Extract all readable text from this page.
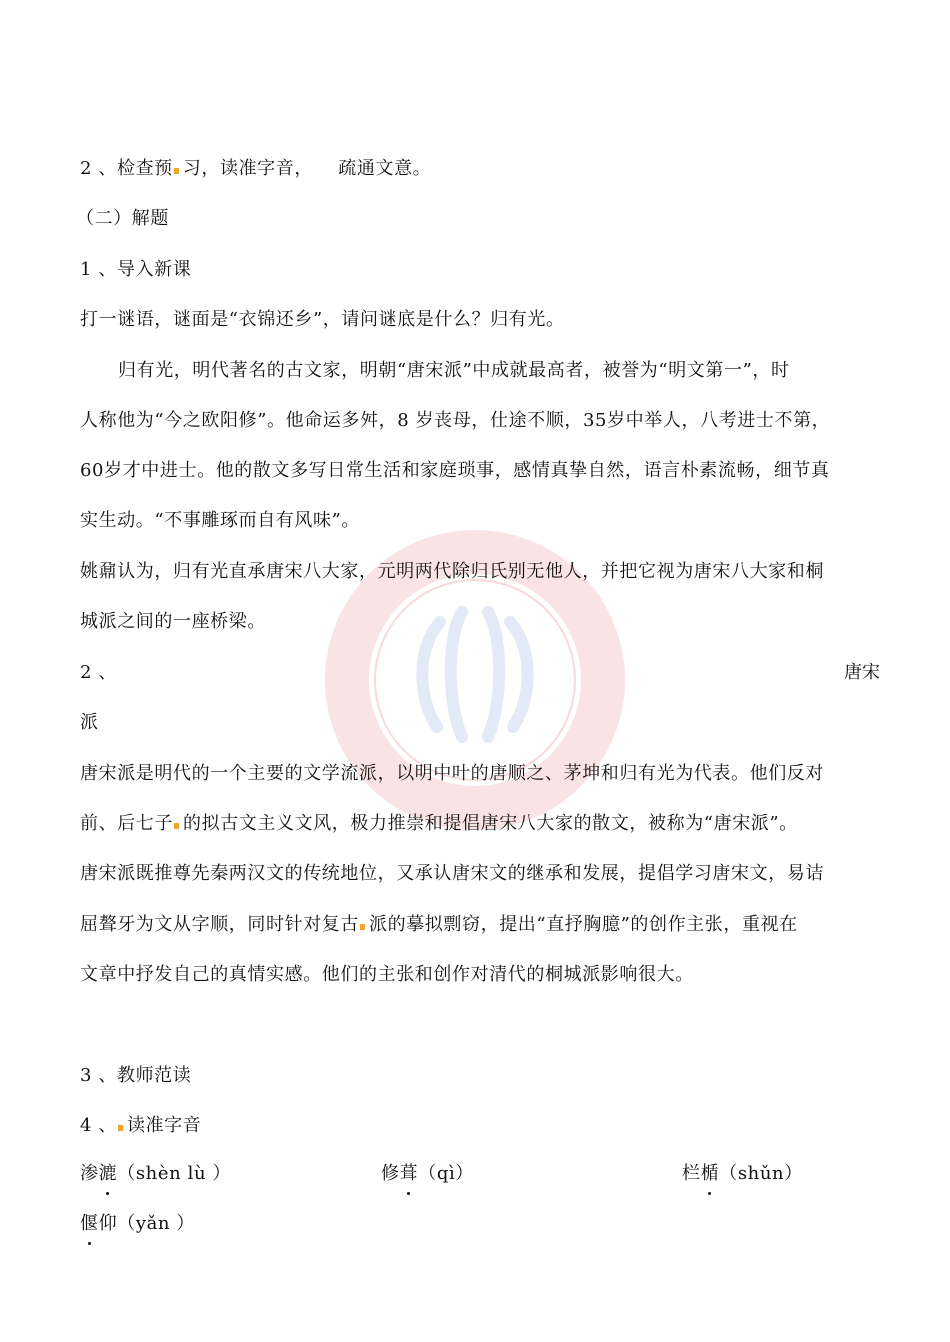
2 、检查预 习，读准字音， 疏通文意。
（二）解题
1 、导入新课
打一谜语，谜面是“衣锦还乡”，请问谜底是什么？归有光。
归有光，明代著名的古文家，明朝“唐宋派”中成就最高者，被誉为“明文第一”，时
人称他为“今之欧阳修”。他命运多舛，8 岁丧母，仕途不顺，35岁中举人，八考进士不第，
60岁才中进士。他的散文多写日常生活和家庭琐事，感情真挚自然，语言朴素流畅，细节真
实生动。“不事雕琢而自有风味”。
姚鼐认为，归有光直承唐宋八大家，元明两代除归氏别无他人，并把它视为唐宋八大家和桐
城派之间的一座桥梁。
2 、	唐宋
派
唐宋派是明代的一个主要的文学流派，以明中叶的唐顺之、茅坤和归有光为代表。他们反对
前、后七子 的拟古文主义文风，极力推崇和提倡唐宋八大家的散文，被称为“唐宋派”。
唐宋派既推尊先秦两汉文的传统地位，又承认唐宋文的继承和发展，提倡学习唐宋文，易诘
屈聱牙为文从字顺，同时针对复古 派的摹拟剽窃，提出“直抒胸臆”的创作主张，重视在
文章中抒发自己的真情实感。他们的主张和创作对清代的桐城派影响很大。
3 、教师范读
4 、 读准字音
渗漉（shèn lù ）	修葺（qì）	栏楯（shǔn）
偃仰（yǎn ）
